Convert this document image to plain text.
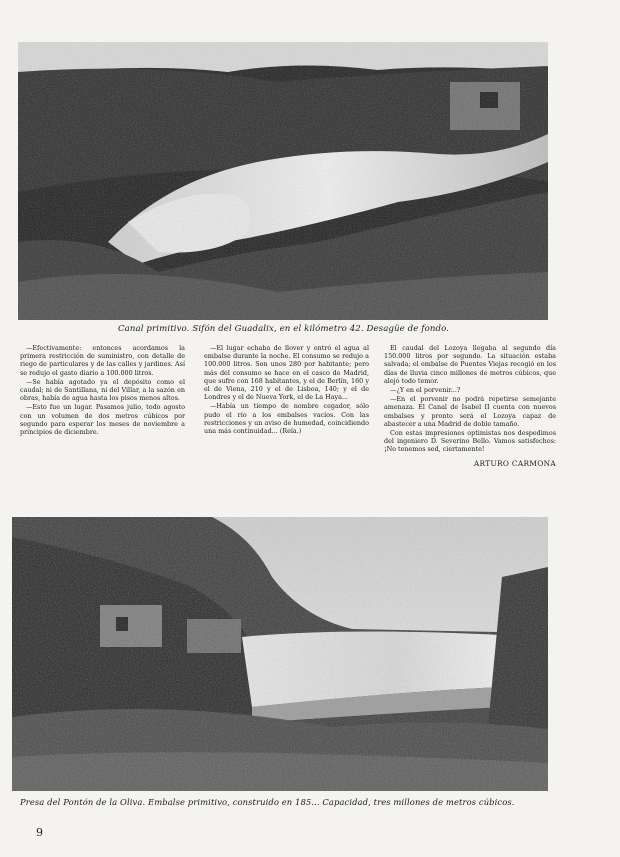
Canal primitivo. Sifón del Guadalix, en el kilómetro 42. Desagüe de fondo.

—Efectivamente: entonces acordamos la primera restricción de suministro, con detalle de riego de particulares y de las calles y jardines. Así se redujo el gasto diario a 100.000 litros.

—Se había agotado ya el depósito como el caudal; ni de Santillana, ni del Villar, a la sazón en obras, había de agua hasta los pisos menos altos.

—Esto fue un lugar. Pasamos julio, todo agosto con un volumen de dos metros cúbicos por segundo para esperar los meses de noviembre a principios de diciembre.

—El lugar echaba de llover y entró el agua al embalse durante la noche. El consumo se redujo a 100.000 litros. Son unos 280 por habitante; pero más del consumo se hace en el casco de Madrid, que sufre con 168 habitantes, y el de Berlín, 160 y el de Viena, 210 y el de Lisboa, 140; y el de Londres y el de Nueva York, el de La Haya...

—Había un tiempo de nombre cegador, sólo pudo el río a los embalses vacíos. Con las restricciones y un aviso de humedad, coincidiendo una más continuidad... (Reía.)

El caudal del Lozoya llegaba al segundo día 150.000 litros por segundo. La situación estaba salvada; el embalse de Puentes Viejas recogió en los días de lluvia cinco millones de metros cúbicos, que alejó todo temor.

—¿Y en el porvenir...?

—En el porvenir no podrá repetirse semejante amenaza. El Canal de Isabel II cuenta con nuevos embalses y pronto será el Lozoya capaz de abastecer a una Madrid de doble tamaño.

Con estas impresiones optimistas nos despedimos del ingeniero D. Severino Bello. Vamos satisfechos: ¡No tenemos sed, ciertamente!

ARTURO CARMONA
Presa del Pontón de la Oliva. Embalse primitivo, construido en 185... Capacidad, tres millones de metros cúbicos.
9
